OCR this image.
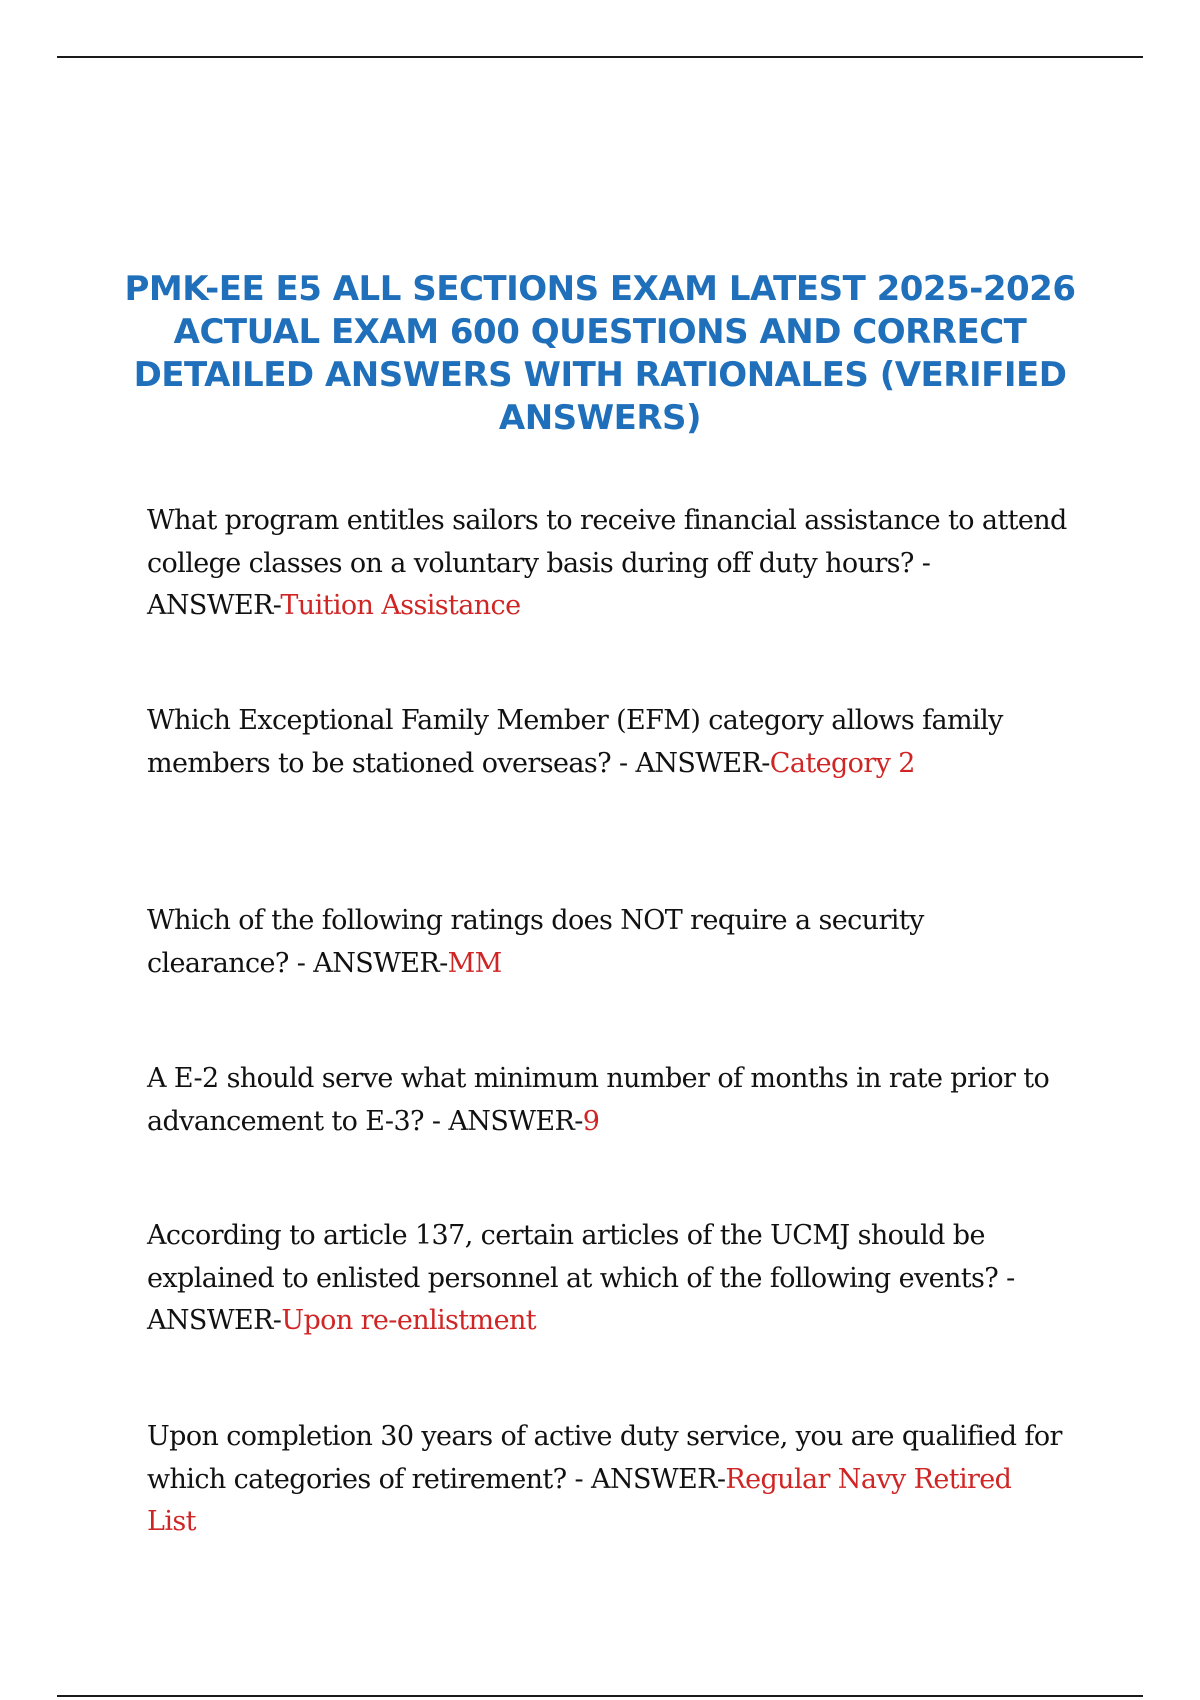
PMK-EE E5 ALL SECTIONS EXAM LATEST 2025-2026 ACTUAL EXAM 600 QUESTIONS AND CORRECT DETAILED ANSWERS WITH RATIONALES (VERIFIED ANSWERS)

What program entitles sailors to receive financial assistance to attend college classes on a voluntary basis during off duty hours? - ANSWER-Tuition Assistance

Which Exceptional Family Member (EFM) category allows family members to be stationed overseas? - ANSWER-Category 2

Which of the following ratings does NOT require a security clearance? - ANSWER-MM

A E-2 should serve what minimum number of months in rate prior to advancement to E-3? - ANSWER-9

According to article 137, certain articles of the UCMJ should be explained to enlisted personnel at which of the following events? - ANSWER-Upon re-enlistment

Upon completion 30 years of active duty service, you are qualified for which categories of retirement? - ANSWER-Regular Navy Retired List
